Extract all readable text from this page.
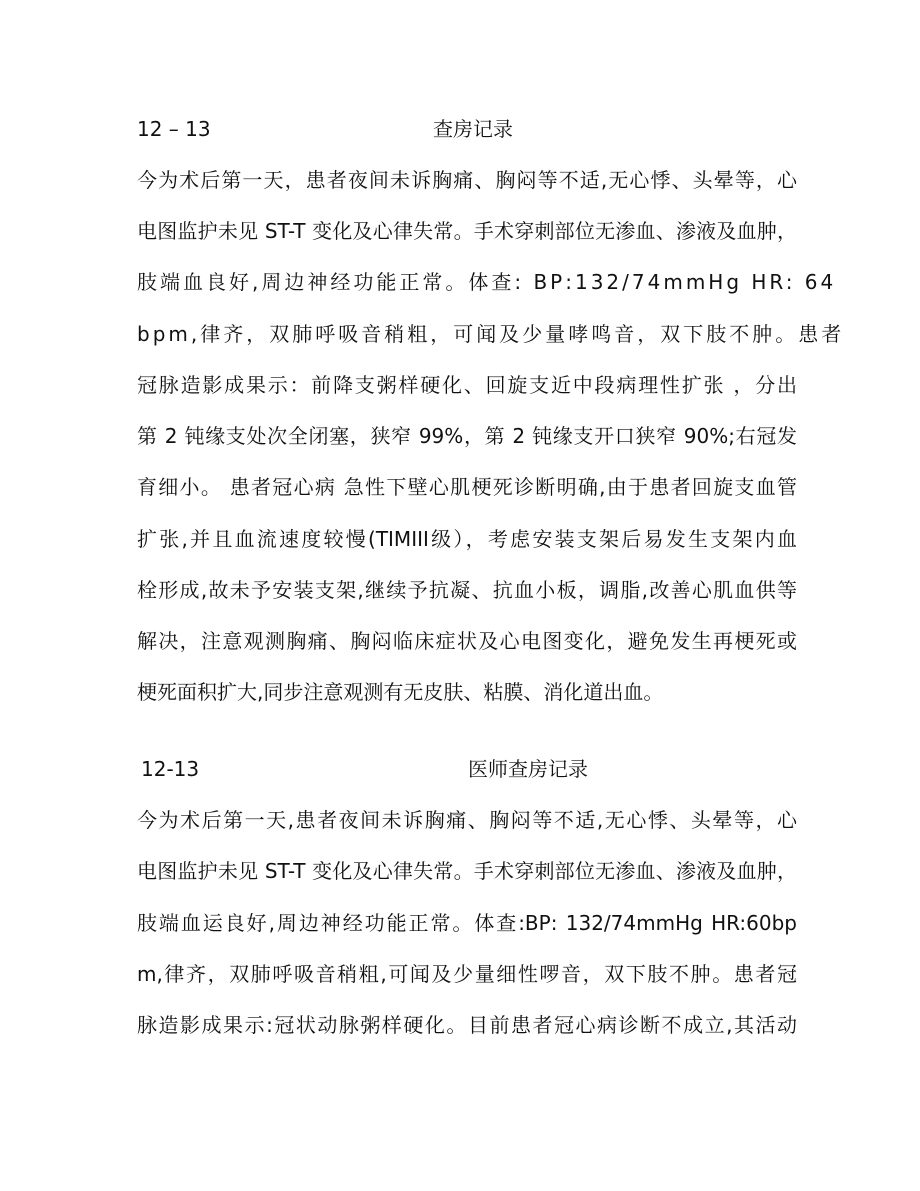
12 – 13	查房记录
今为术后第一天，患者夜间未诉胸痛、胸闷等不适,无心悸、头晕等，心
电图监护未见 ST-T 变化及心律失常。手术穿刺部位无渗血、渗液及血肿，
肢端血良好,周边神经功能正常。体查: BP:132/74mmHg HR: 64
bpm,律齐，双肺呼吸音稍粗，可闻及少量哮鸣音，双下肢不肿。患者
冠脉造影成果示：前降支粥样硬化、回旋支近中段病理性扩张 ，分出
第 2 钝缘支处次全闭塞，狭窄 99%，第 2 钝缘支开口狭窄 90%;右冠发
育细小。 患者冠心病 急性下壁心肌梗死诊断明确,由于患者回旋支血管
扩张,并且血流速度较慢(TIMIII级），考虑安装支架后易发生支架内血
栓形成,故未予安装支架,继续予抗凝、抗血小板，调脂,改善心肌血供等
解决，注意观测胸痛、胸闷临床症状及心电图变化，避免发生再梗死或
梗死面积扩大,同步注意观测有无皮肤、粘膜、消化道出血。
12-13	医师查房记录
今为术后第一天,患者夜间未诉胸痛、胸闷等不适,无心悸、头晕等，心
电图监护未见 ST-T 变化及心律失常。手术穿刺部位无渗血、渗液及血肿，
肢端血运良好,周边神经功能正常。体查:BP: 132/74mmHg HR:60bp
m,律齐，双肺呼吸音稍粗,可闻及少量细性啰音，双下肢不肿。患者冠
脉造影成果示:冠状动脉粥样硬化。目前患者冠心病诊断不成立,其活动
